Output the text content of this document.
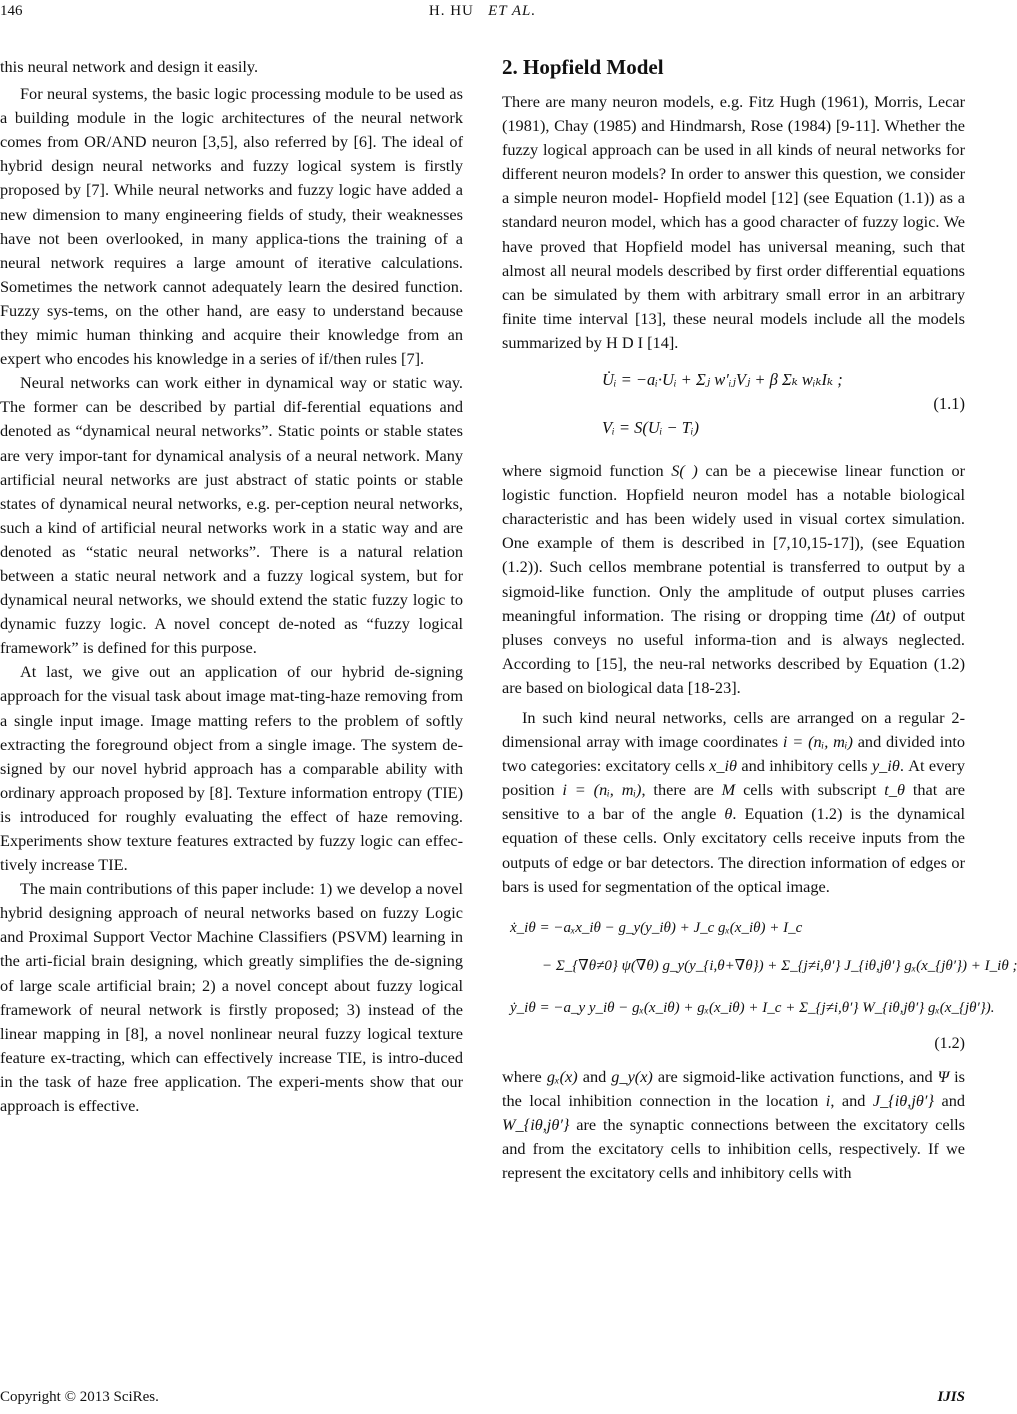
146	H. HU ET AL.

this neural network and design it easily.

For neural systems, the basic logic processing module to be used as a building module in the logic architectures of the neural network comes from OR/AND neuron [3,5], also referred by [6]. The ideal of hybrid design neural networks and fuzzy logical system is firstly proposed by [7]. While neural networks and fuzzy logic have added a new dimension to many engineering fields of study, their weaknesses have not been overlooked, in many applica-tions the training of a neural network requires a large amount of iterative calculations. Sometimes the network cannot adequately learn the desired function. Fuzzy sys-tems, on the other hand, are easy to understand because they mimic human thinking and acquire their knowledge from an expert who encodes his knowledge in a series of if/then rules [7].

Neural networks can work either in dynamical way or static way. The former can be described by partial dif-ferential equations and denoted as “dynamical neural networks”. Static points or stable states are very impor-tant for dynamical analysis of a neural network. Many artificial neural networks are just abstract of static points or stable states of dynamical neural networks, e.g. per-ception neural networks, such a kind of artificial neural networks work in a static way and are denoted as “static neural networks”. There is a natural relation between a static neural network and a fuzzy logical system, but for dynamical neural networks, we should extend the static fuzzy logic to dynamic fuzzy logic. A novel concept de-noted as “fuzzy logical framework” is defined for this purpose.

At last, we give out an application of our hybrid de-signing approach for the visual task about image mat-ting-haze removing from a single input image. Image matting refers to the problem of softly extracting the foreground object from a single image. The system de-signed by our novel hybrid approach has a comparable ability with ordinary approach proposed by [8]. Texture information entropy (TIE) is introduced for roughly evaluating the effect of haze removing. Experiments show texture features extracted by fuzzy logic can effec-tively increase TIE.

The main contributions of this paper include: 1) we develop a novel hybrid designing approach of neural networks based on fuzzy Logic and Proximal Support Vector Machine Classifiers (PSVM) learning in the arti-ficial brain designing, which greatly simplifies the de-signing of large scale artificial brain; 2) a novel concept about fuzzy logical framework of neural network is firstly proposed; 3) instead of the linear mapping in [8], a novel nonlinear neural fuzzy logical texture feature ex-tracting, which can effectively increase TIE, is intro-duced in the task of haze free application. The experi-ments show that our approach is effective.

2. Hopfield Model

There are many neuron models, e.g. Fitz Hugh (1961), Morris, Lecar (1981), Chay (1985) and Hindmarsh, Rose (1984) [9-11]. Whether the fuzzy logical approach can be used in all kinds of neural networks for different neuron models? In order to answer this question, we consider a simple neuron model- Hopfield model [12] (see Equation (1.1)) as a standard neuron model, which has a good character of fuzzy logic. We have proved that Hopfield model has universal meaning, such that almost all neural models described by first order differential equations can be simulated by them with arbitrary small error in an arbitrary finite time interval [13], these neural models include all the models summarized by H D I [14].

U̇ᵢ = −aᵢ·Uᵢ + Σⱼ w′ᵢⱼVⱼ + β Σₖ wᵢₖIₖ ;
Vᵢ = S(Uᵢ − Tᵢ)
(1.1)

where sigmoid function S( ) can be a piecewise linear function or logistic function. Hopfield neuron model has a notable biological characteristic and has been widely used in visual cortex simulation. One example of them is described in [7,10,15-17]), (see Equation (1.2)). Such cellos membrane potential is transferred to output by a sigmoid-like function. Only the amplitude of output pluses carries meaningful information. The rising or dropping time (Δt) of output pluses conveys no useful informa-tion and is always neglected. According to [15], the neu-ral networks described by Equation (1.2) are based on biological data [18-23].

In such kind neural networks, cells are arranged on a regular 2-dimensional array with image coordinates i = (nᵢ, mᵢ) and divided into two categories: excitatory cells x_iθ and inhibitory cells y_iθ. At every position i = (nᵢ, mᵢ), there are M cells with subscript t_θ that are sensitive to a bar of the angle θ. Equation (1.2) is the dynamical equation of these cells. Only excitatory cells receive inputs from the outputs of edge or bar detectors. The direction information of edges or bars is used for segmentation of the optical image.

ẋ_iθ = −aₓx_iθ − g_y(y_iθ) + J_c gₓ(x_iθ) + I_c
− Σ_{∇θ≠0} ψ(∇θ) g_y(y_{i,θ+∇θ}) + Σ_{j≠i,θ′} J_{iθ,jθ′} gₓ(x_{jθ′}) + I_iθ ;
ẏ_iθ = −a_y y_iθ − gₓ(x_iθ) + gₓ(x_iθ) + I_c + Σ_{j≠i,θ′} W_{iθ,jθ′} gₓ(x_{jθ′}).
(1.2)

where gₓ(x) and g_y(x) are sigmoid-like activation functions, and Ψ is the local inhibition connection in the location i, and J_{iθ,jθ′} and W_{iθ,jθ′} are the synaptic connections between the excitatory cells and from the excitatory cells to inhibition cells, respectively. If we represent the excitatory cells and inhibitory cells with

Copyright © 2013 SciRes.	IJIS
